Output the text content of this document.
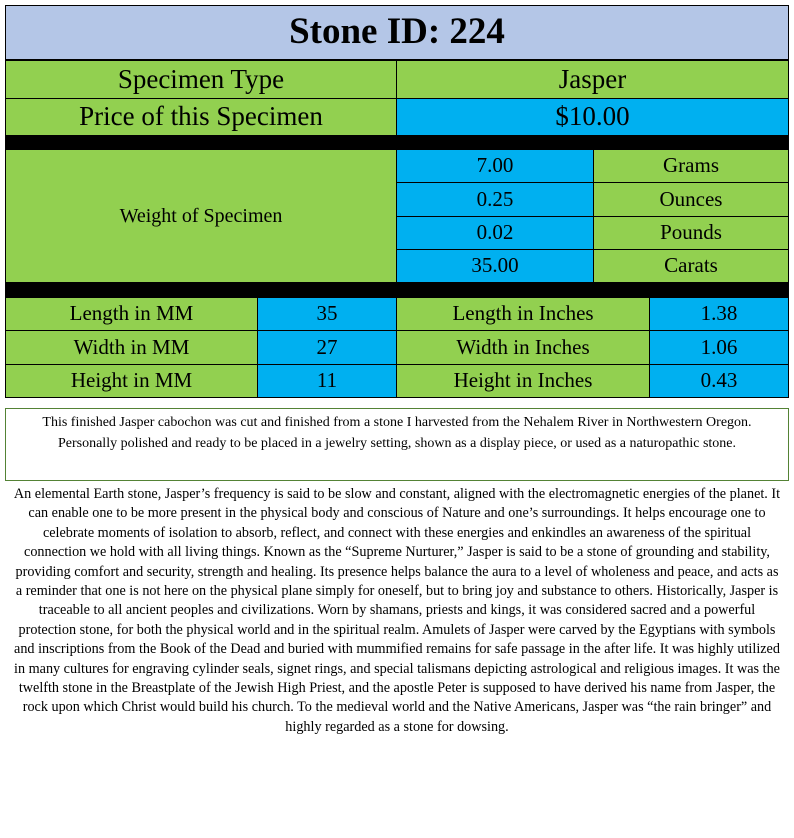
Stone ID: 224
Specimen Type	Jasper
Price of this Specimen	$10.00
Weight of Specimen
7.00	Grams
0.25	Ounces
0.02	Pounds
35.00	Carats
Length in MM	35	Length in Inches	1.38
Width in MM	27	Width in Inches	1.06
Height in MM	11	Height in Inches	0.43
This finished Jasper cabochon was cut and finished from a stone I harvested from the Nehalem River in Northwestern Oregon. Personally polished and ready to be placed in a jewelry setting, shown as a display piece, or used as a naturopathic stone.
An elemental Earth stone, Jasper’s frequency is said to be slow and constant, aligned with the electromagnetic energies of the planet. It can enable one to be more present in the physical body and conscious of Nature and one’s surroundings. It helps encourage one to celebrate moments of isolation to absorb, reflect, and connect with these energies and enkindles an awareness of the spiritual connection we hold with all living things. Known as the “Supreme Nurturer,” Jasper is said to be a stone of grounding and stability, providing comfort and security, strength and healing. Its presence helps balance the aura to a level of wholeness and peace, and acts as a reminder that one is not here on the physical plane simply for oneself, but to bring joy and substance to others. Historically, Jasper is traceable to all ancient peoples and civilizations. Worn by shamans, priests and kings, it was considered sacred and a powerful protection stone, for both the physical world and in the spiritual realm. Amulets of Jasper were carved by the Egyptians with symbols and inscriptions from the Book of the Dead and buried with mummified remains for safe passage in the after life. It was highly utilized in many cultures for engraving cylinder seals, signet rings, and special talismans depicting astrological and religious images. It was the twelfth stone in the Breastplate of the Jewish High Priest, and the apostle Peter is supposed to have derived his name from Jasper, the rock upon which Christ would build his church. To the medieval world and the Native Americans, Jasper was “the rain bringer” and highly regarded as a stone for dowsing.
